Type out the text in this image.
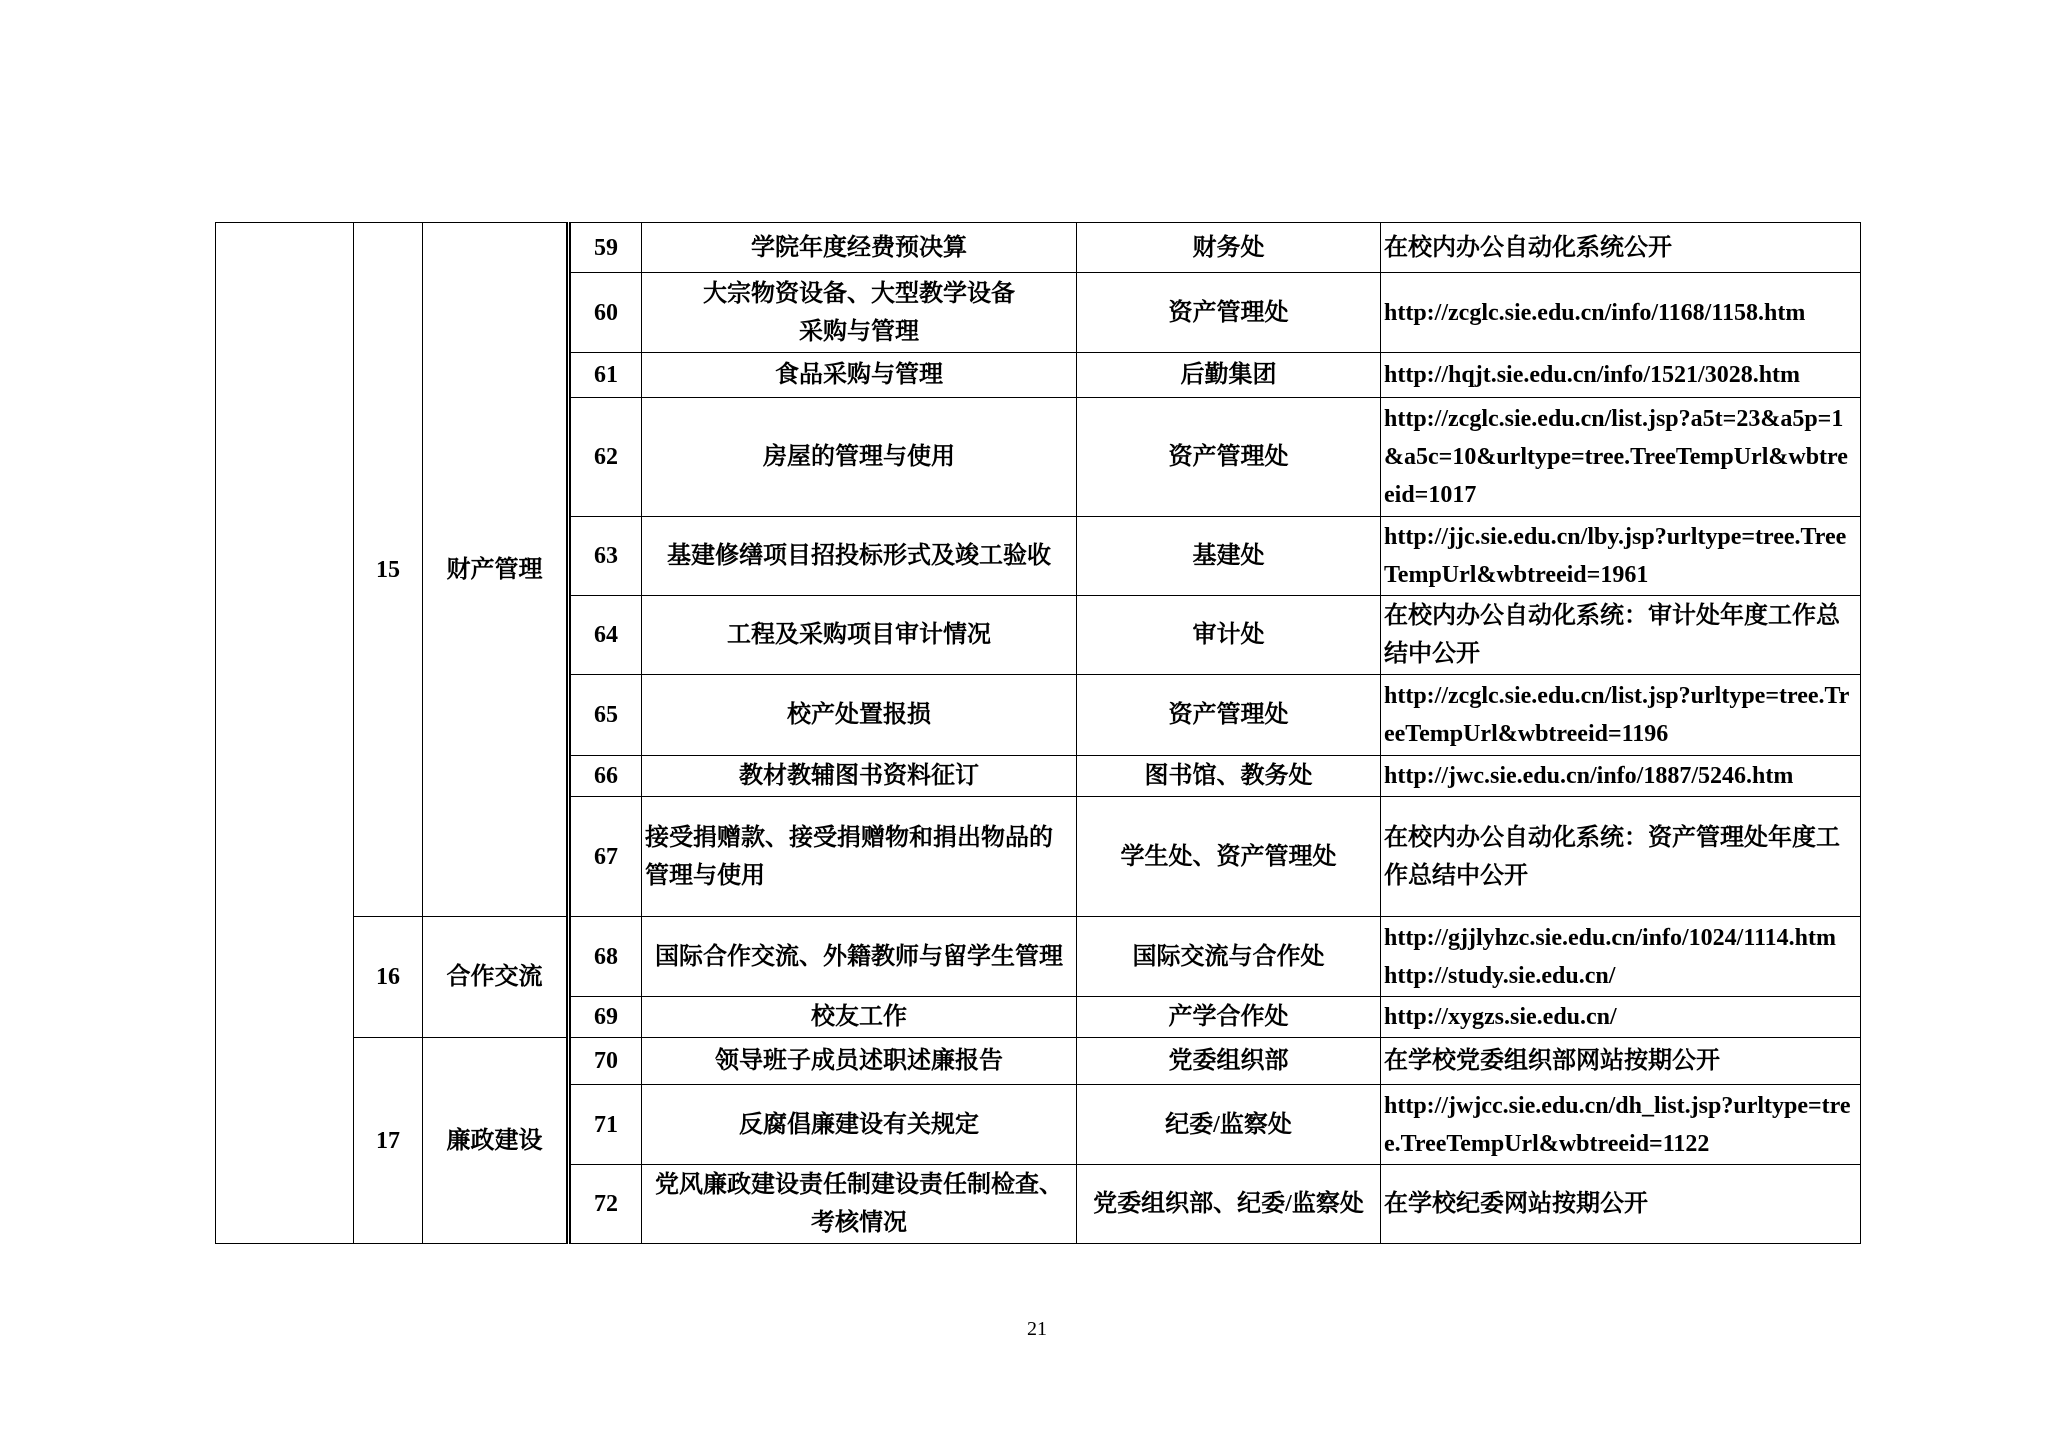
	15	财产管理	59	学院年度经费预决算	财务处	在校内办公自动化系统公开
			60	大宗物资设备、大型教学设备
采购与管理	资产管理处	http://zcglc.sie.edu.cn/info/1168/1158.htm
			61	食品采购与管理	后勤集团	http://hqjt.sie.edu.cn/info/1521/3028.htm
			62	房屋的管理与使用	资产管理处	http://zcglc.sie.edu.cn/list.jsp?a5t=23&a5p=1&a5c=10&urltype=tree.TreeTempUrl&wbtreeid=1017
			63	基建修缮项目招投标形式及竣工验收	基建处	http://jjc.sie.edu.cn/lby.jsp?urltype=tree.TreeTempUrl&wbtreeid=1961
			64	工程及采购项目审计情况	审计处	在校内办公自动化系统：审计处年度工作总结中公开
			65	校产处置报损	资产管理处	http://zcglc.sie.edu.cn/list.jsp?urltype=tree.TreeTempUrl&wbtreeid=1196
			66	教材教辅图书资料征订	图书馆、教务处	http://jwc.sie.edu.cn/info/1887/5246.htm
			67	接受捐赠款、接受捐赠物和捐出物品的管理与使用	学生处、资产管理处	在校内办公自动化系统：资产管理处年度工作总结中公开
	16	合作交流	68	国际合作交流、外籍教师与留学生管理	国际交流与合作处	http://gjjlyhzc.sie.edu.cn/info/1024/1114.htm
http://study.sie.edu.cn/
			69	校友工作	产学合作处	http://xygzs.sie.edu.cn/
	17	廉政建设	70	领导班子成员述职述廉报告	党委组织部	在学校党委组织部网站按期公开
			71	反腐倡廉建设有关规定	纪委/监察处	http://jwjcc.sie.edu.cn/dh_list.jsp?urltype=tree.TreeTempUrl&wbtreeid=1122
			72	党风廉政建设责任制建设责任制检查、考核情况	党委组织部、纪委/监察处	在学校纪委网站按期公开
21
